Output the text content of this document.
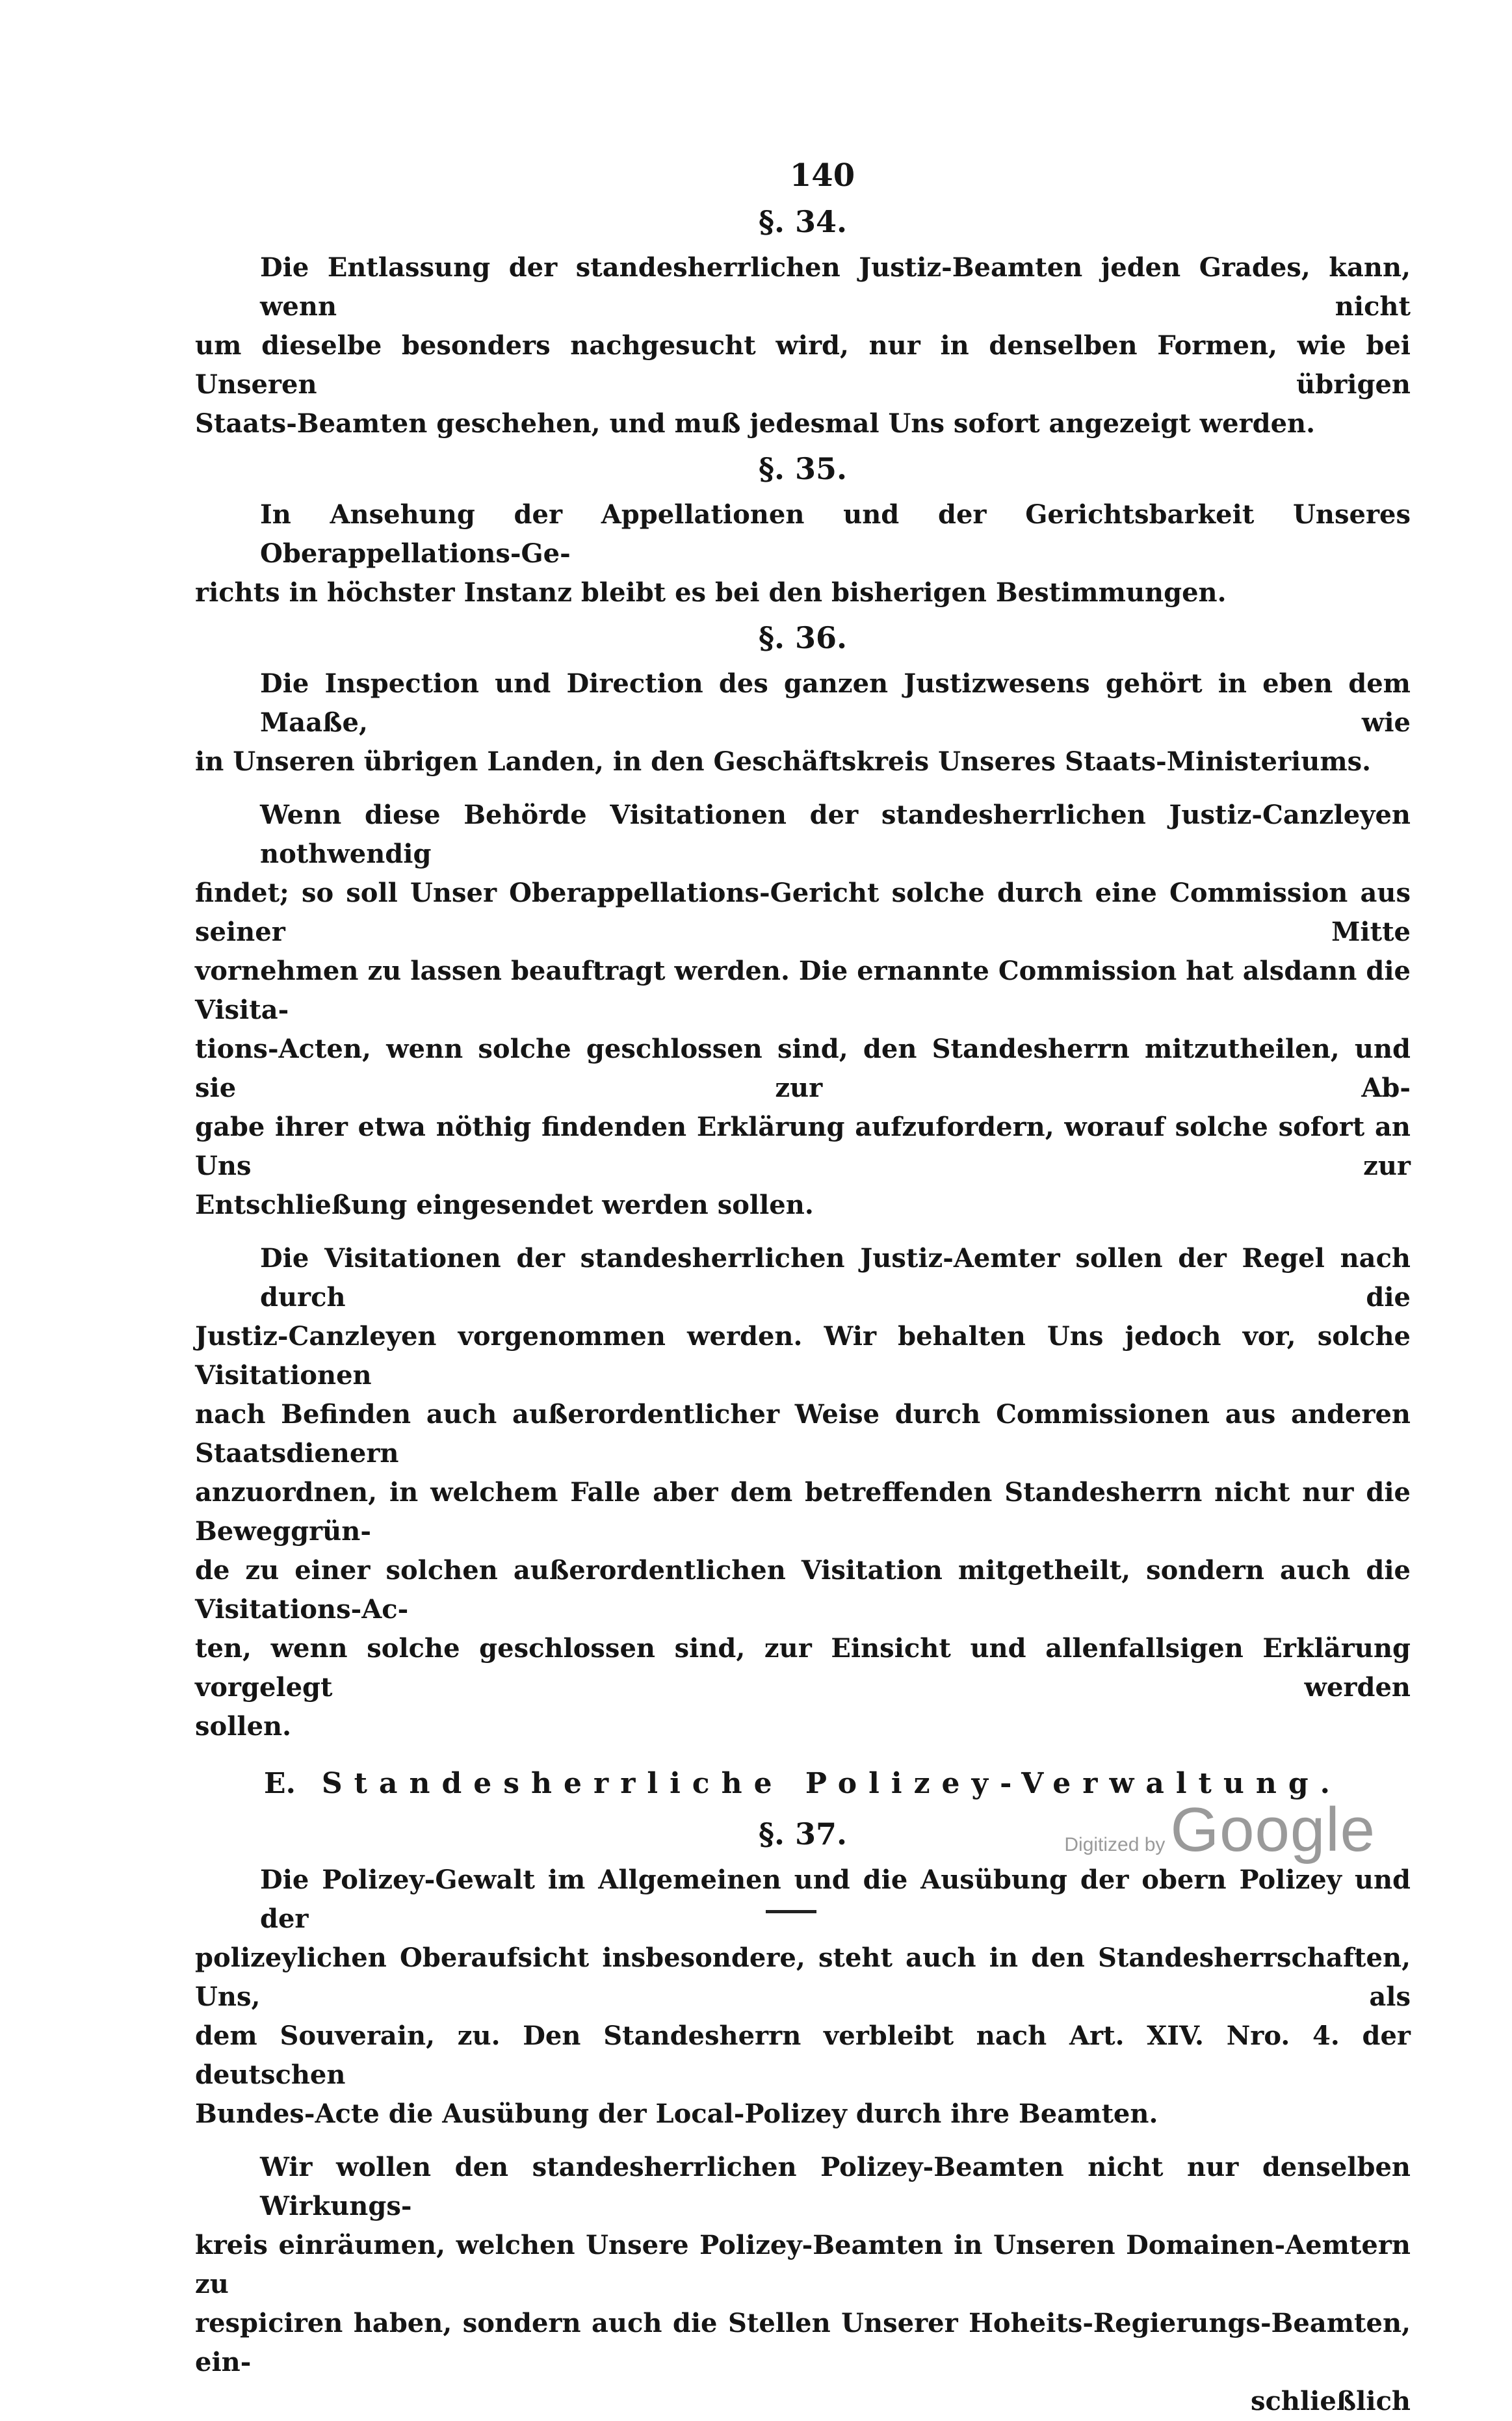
140
§. 34.

Die Entlassung der standesherrlichen Justiz-Beamten jeden Grades, kann, wenn nicht
um dieselbe besonders nachgesucht wird, nur in denselben Formen, wie bei Unseren übrigen
Staats-Beamten geschehen, und muß jedesmal Uns sofort angezeigt werden.

§. 35.

In Ansehung der Appellationen und der Gerichtsbarkeit Unseres Oberappellations-Ge-
richts in höchster Instanz bleibt es bei den bisherigen Bestimmungen.

§. 36.

Die Inspection und Direction des ganzen Justizwesens gehört in eben dem Maaße, wie
in Unseren übrigen Landen, in den Geschäftskreis Unseres Staats-Ministeriums.

Wenn diese Behörde Visitationen der standesherrlichen Justiz-Canzleyen nothwendig
findet; so soll Unser Oberappellations-Gericht solche durch eine Commission aus seiner Mitte
vornehmen zu lassen beauftragt werden. Die ernannte Commission hat alsdann die Visita-
tions-Acten, wenn solche geschlossen sind, den Standesherrn mitzutheilen, und sie zur Ab-
gabe ihrer etwa nöthig findenden Erklärung aufzufordern, worauf solche sofort an Uns zur
Entschließung eingesendet werden sollen.

Die Visitationen der standesherrlichen Justiz-Aemter sollen der Regel nach durch die
Justiz-Canzleyen vorgenommen werden. Wir behalten Uns jedoch vor, solche Visitationen
nach Befinden auch außerordentlicher Weise durch Commissionen aus anderen Staatsdienern
anzuordnen, in welchem Falle aber dem betreffenden Standesherrn nicht nur die Beweggrün-
de zu einer solchen außerordentlichen Visitation mitgetheilt, sondern auch die Visitations-Ac-
ten, wenn solche geschlossen sind, zur Einsicht und allenfallsigen Erklärung vorgelegt werden
sollen.

E. Standesherrliche Polizey-Verwaltung.
§. 37.

Die Polizey-Gewalt im Allgemeinen und die Ausübung der obern Polizey und der
polizeylichen Oberaufsicht insbesondere, steht auch in den Standesherrschaften, Uns, als
dem Souverain, zu. Den Standesherrn verbleibt nach Art. XIV. Nro. 4. der deutschen
Bundes-Acte die Ausübung der Local-Polizey durch ihre Beamten.

Wir wollen den standesherrlichen Polizey-Beamten nicht nur denselben Wirkungs-
kreis einräumen, welchen Unsere Polizey-Beamten in Unseren Domainen-Aemtern zu
respiciren haben, sondern auch die Stellen Unserer Hoheits-Regierungs-Beamten, ein-
schließlich

Digitized by Google
